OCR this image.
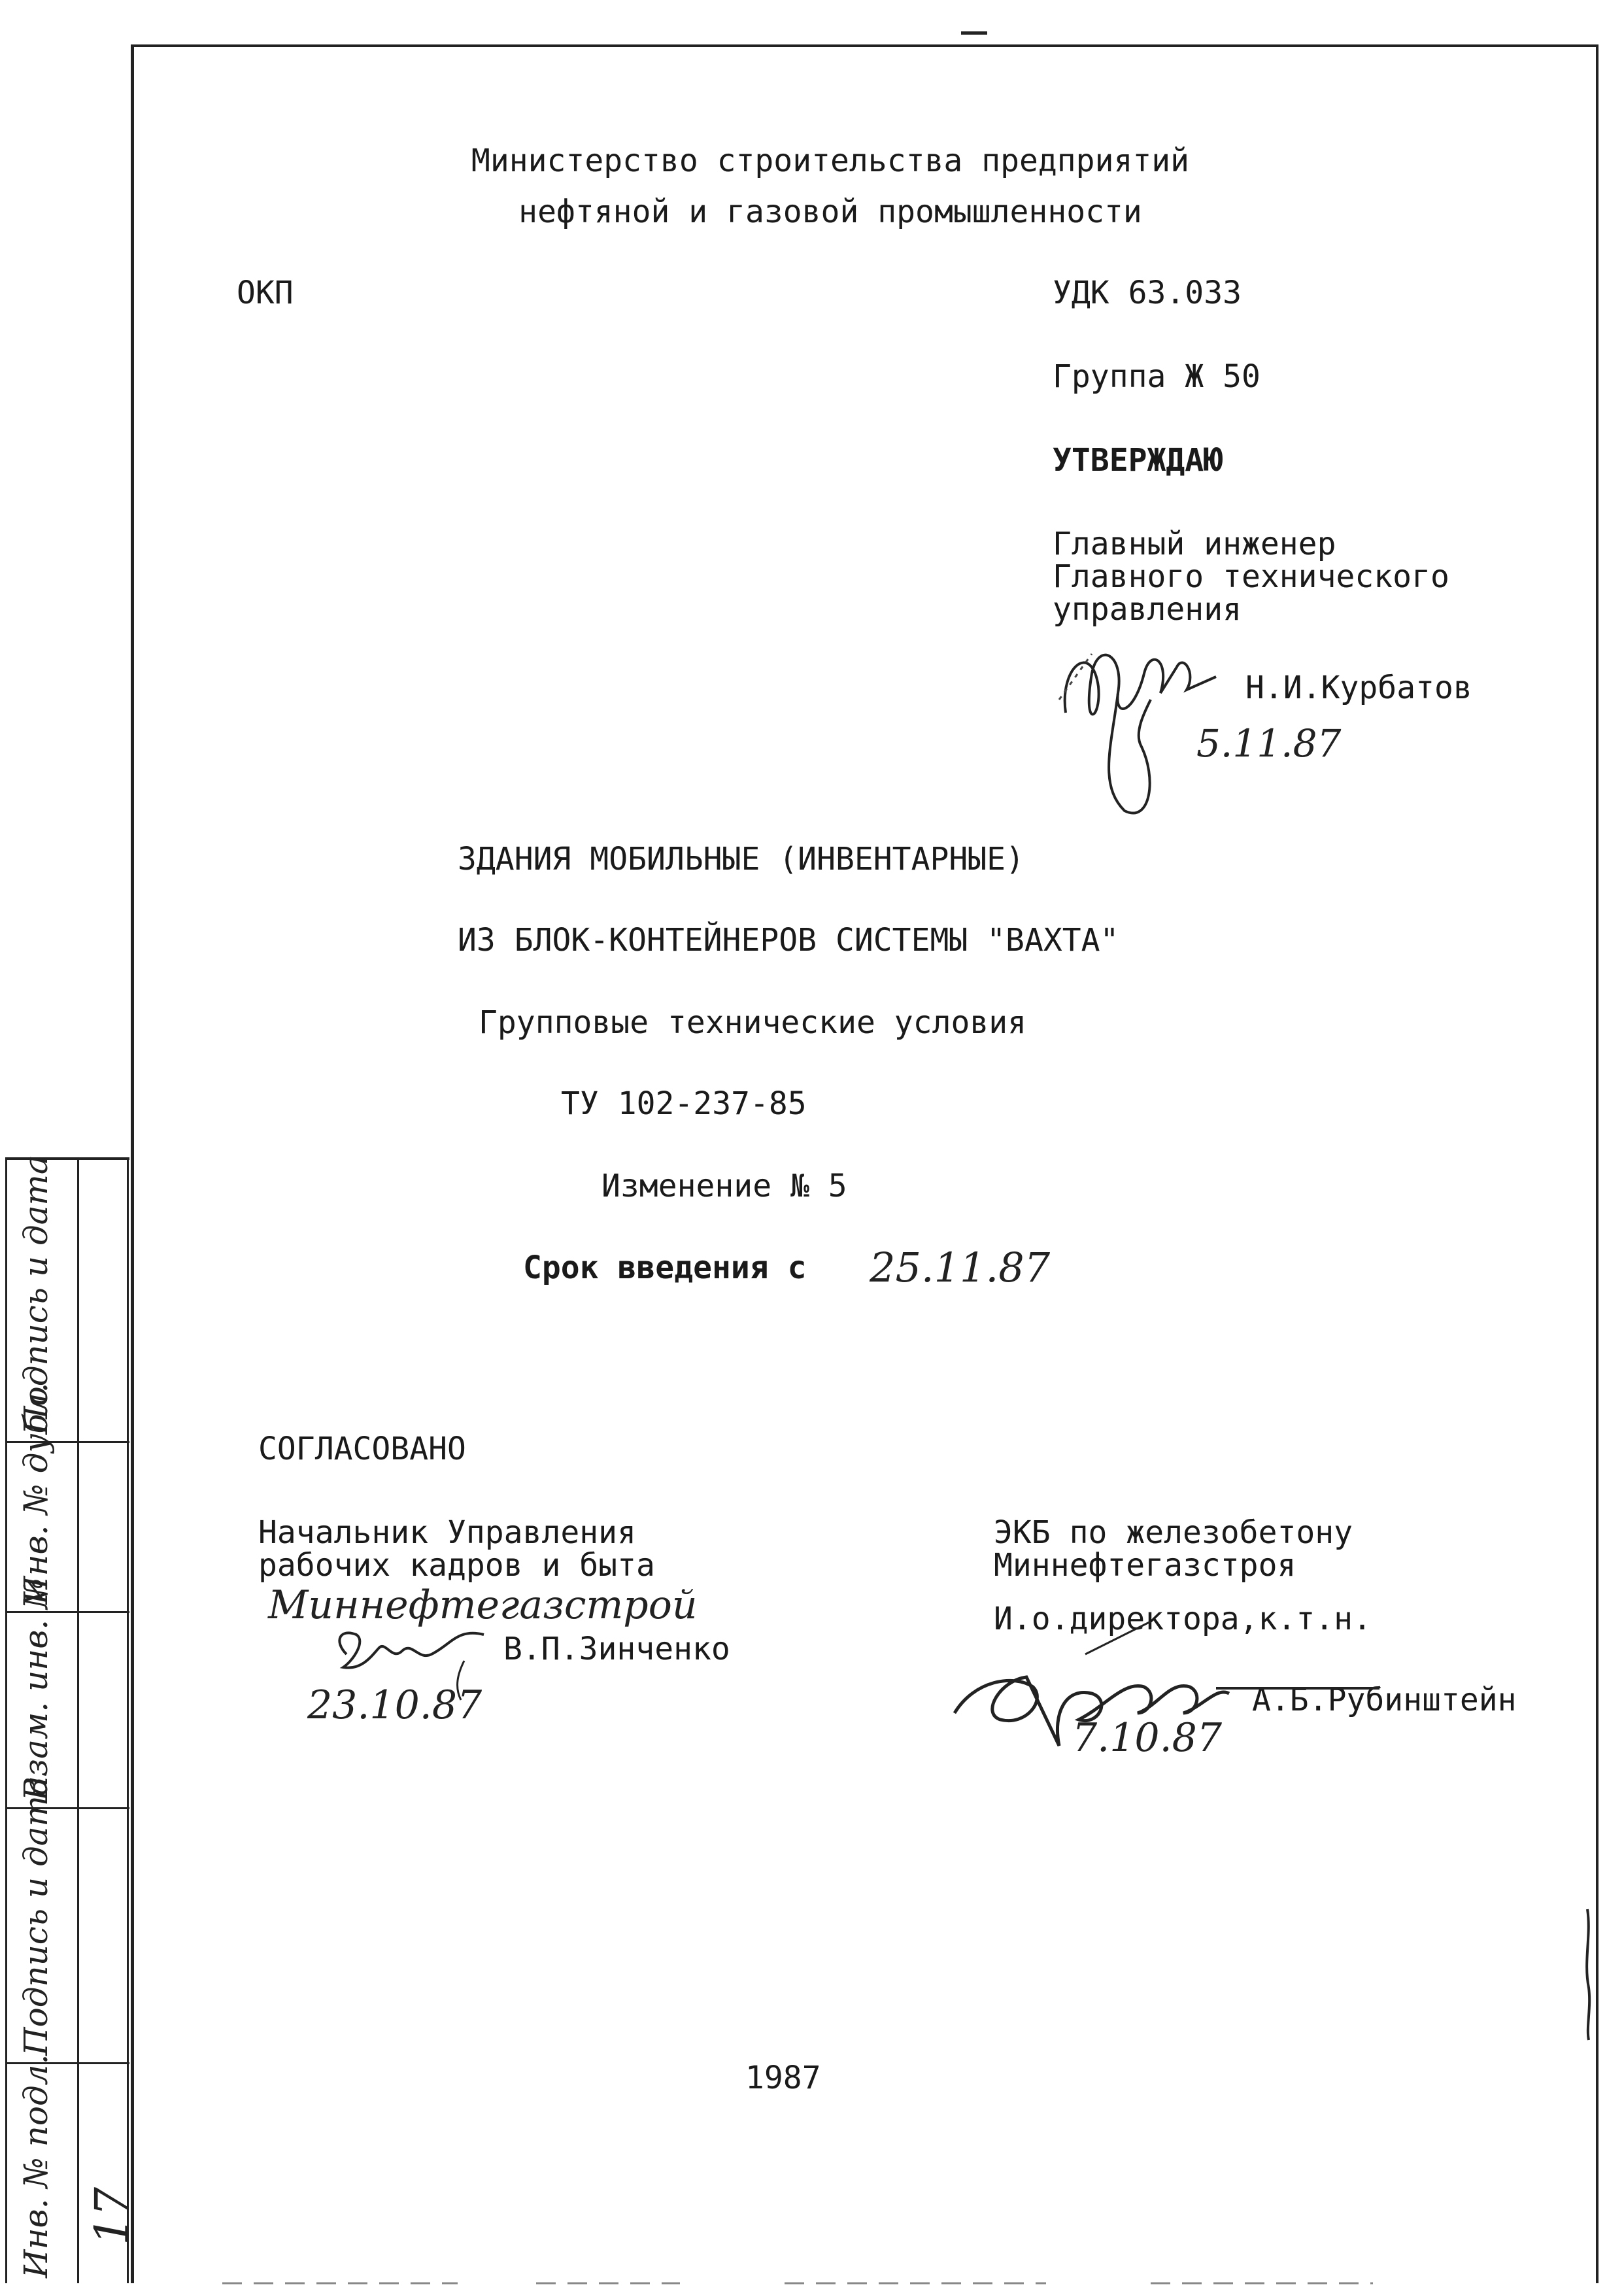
Министерство строительства предприятий
нефтяной и газовой промышленности
ОКП	УДК 63.033
Группа Ж 50
УТВЕРЖДАЮ
Главный инженер
Главного технического
управления
Н.И.Курбатов
5.11.87
ЗДАНИЯ МОБИЛЬНЫЕ (ИНВЕНТАРНЫЕ)
ИЗ БЛОК-КОНТЕЙНЕРОВ СИСТЕМЫ "ВАХТА"
Групповые технические условия
ТУ 102-237-85
Изменение № 5
Срок введения с 25.11.87
СОГЛАСОВАНО
Начальник Управления
рабочих кадров и быта
Миннефтегазстрой
В.П.Зинченко
23.10.87
ЭКБ по железобетону
Миннефтегазстроя
И.о.директора,к.т.н.
А.Б.Рубинштейн
7.10.87
1987
Инв. № подл.
Подпись и дата
Взам. инв. №
Инв. № дубл.
Подпись и дата
17
